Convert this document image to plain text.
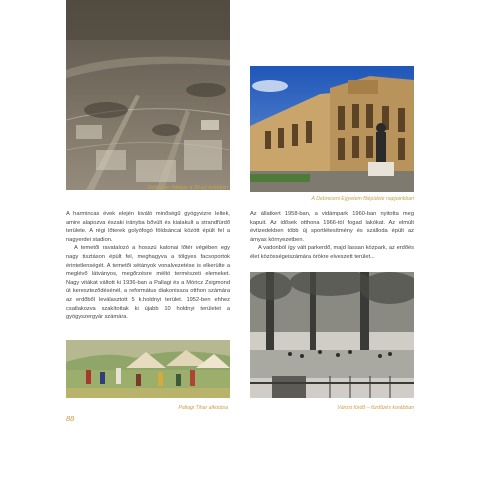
Debrecen látképe a 30-as években
A Debreceni Egyetem főépülete napjainkban

A harmincas évek elején kiváló minőségű gyógyvizre leltek, amire alapozva északi irányba bővült és kialakult a strandfürdő területe. A régi lőterek golyófogó földsáncai között épült fel a nagyerdei stadion.

A temetői ravatalozó a hosszú katonai lőtér végében egy nagy tisztáson épült fel, meghagyva a tölgyes facsoportok érintetlenségét. A temetői sétányok vonalvezetése is elkerülte a meglévő látványos, megőrzésre méltó természeti elemeket. Nagy vitákat váltott ki 1936-ban a Pallagi és a Móricz Zsigmond út kereszteződésénél, a református diakonissza otthon számára az erdőből leválasztott 5 k.holdnyi terület. 1952-ben ehhez csatlakozva szakítottak ki újabb 10 holdnyi területet a gyógyszergyár számára.

Az állatkert 1958-ban, a vidámpark 1960-ban nyitotta meg kapuit. Az idősek otthona 1966-tól fogad lakókat. Az elmúlt évtizedekben több új sportlétesítmény és szálloda épült az ámyas környezetben.

A vadonból így vált parkerdő, majd lassan közpark, az erdőés élet közösségeiszámára örökre elveszett terület...

Pallagi Tihar alkotása	Városi fürdő – fürdőzés korábban
88
